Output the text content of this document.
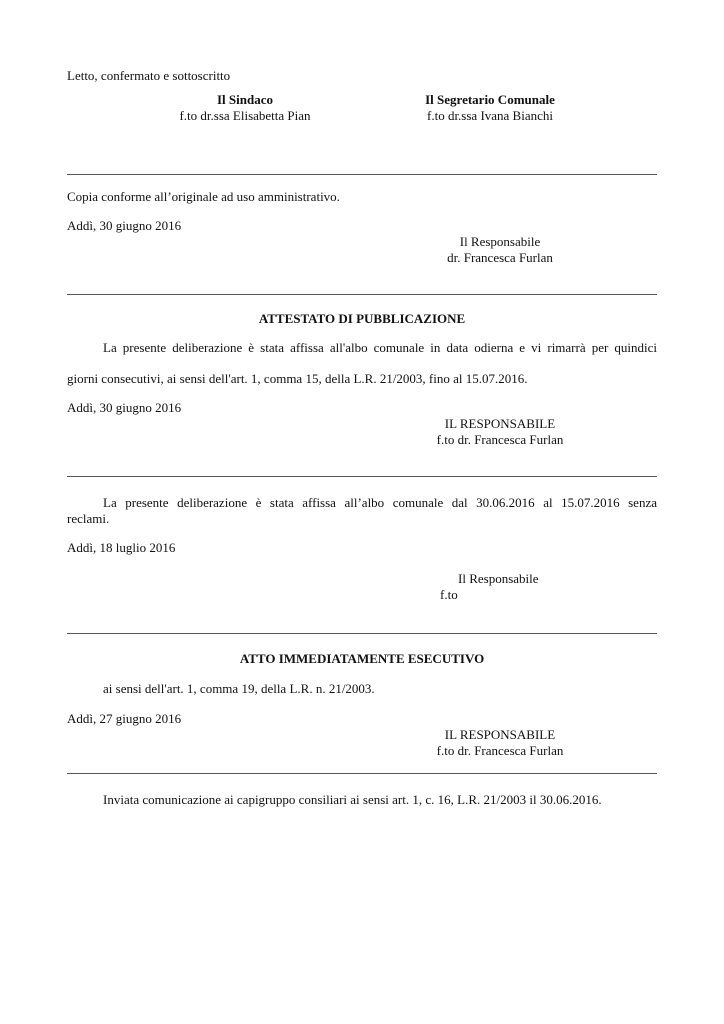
Letto, confermato e sottoscritto
Il Sindaco
f.to dr.ssa Elisabetta Pian
Il Segretario Comunale
f.to dr.ssa Ivana Bianchi
Copia conforme all’originale ad uso amministrativo.
Addì, 30 giugno 2016
Il Responsabile
dr. Francesca Furlan
ATTESTATO DI PUBBLICAZIONE
La presente deliberazione è stata affissa all'albo comunale in data odierna e vi rimarrà per quindici
giorni consecutivi, ai sensi dell'art. 1, comma 15, della L.R. 21/2003, fino al 15.07.2016.
Addì, 30 giugno 2016
IL RESPONSABILE
f.to dr. Francesca Furlan
La presente deliberazione è stata affissa all’albo comunale dal 30.06.2016 al 15.07.2016 senza
reclami.
Addì, 18 luglio 2016
Il Responsabile
f.to
ATTO IMMEDIATAMENTE ESECUTIVO
ai sensi dell'art. 1, comma 19, della L.R. n. 21/2003.
Addì, 27 giugno 2016
IL RESPONSABILE
f.to dr. Francesca Furlan
Inviata comunicazione ai capigruppo consiliari ai sensi art. 1, c. 16, L.R. 21/2003 il 30.06.2016.
